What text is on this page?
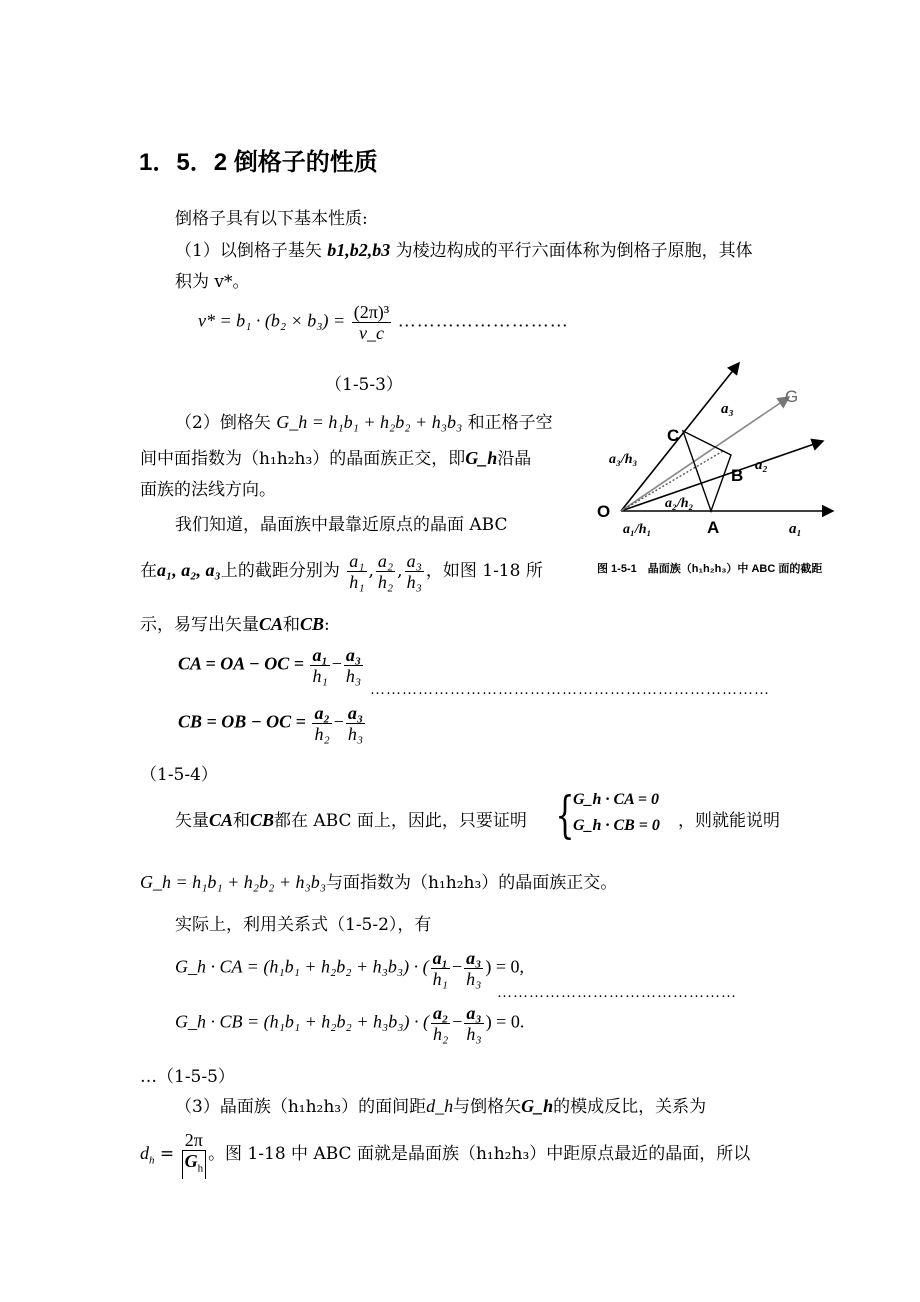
1．5．2 倒格子的性质
倒格子具有以下基本性质:
（1）以倒格子基矢 b1,b2,b3 为棱边构成的平行六面体称为倒格子原胞，其体
积为 v*。
$v* = b_1 \cdot (b_2 \times b_3) = \frac{\text{(2π)³}}{v\_c}$ ………………………
（1-5-3）
（2）倒格矢 G_h = h₁b₁ + h₂b₂ + h₃b₃ 和正格子空
间中面指数为（h₁h₂h₃）的晶面族正交，即G_h沿晶
面族的法线方向。
我们知道，晶面族中最靠近原点的晶面 ABC
在a₁, a₂, a₃上的截距分别为 $\frac{\text{a₁}}{\text{h₁}}$ , $\frac{\text{a₂}}{\text{h₂}}$ , $\frac{\text{a₃}}{\text{h₃}}$ ，如图 1-18 所
示，易写出矢量CA和CB:
CA = OA − OC = $\frac{\text{a₁}}{\text{h₁}} - \frac{\text{a₃}}{\text{h₃}}$
CB = OB − OC = $\frac{\text{a₂}}{\text{h₂}} - \frac{\text{a₃}}{\text{h₃}}$
…………………………………………………………………
（1-5-4）
矢量CA和CB都在 ABC 面上，因此，只要证明 {
G_h · CA = 0
G_h · CB = 0 ，则就能说明
G_h = h₁b₁ + h₂b₂ + h₃b₃与面指数为（h₁h₂h₃）的晶面族正交。
实际上，利用关系式（1-5-2），有
G_h · CA = (h₁b₁ + h₂b₂ + h₃b₃) · ( $\frac{\text{a₁}}{\text{h₁}} - \frac{\text{a₃}}{\text{h₃}}$ ) = 0,
G_h · CB = (h₁b₁ + h₂b₂ + h₃b₃) · ( $\frac{\text{a₂}}{\text{h₂}} - \frac{\text{a₃}}{\text{h₃}}$ ) = 0.
………………………………………
…（1-5-5）
（3）晶面族（h₁h₂h₃）的面间距d_h与倒格矢G_h的模成反比，关系为
$d_h = \frac{2\pi}{G_h}$ 。图 1-18 中 ABC 面就是晶面族（h₁h₂h₃）中距原点最近的晶面，所以
O
A
B
C
G
a₁
a₂
a₃
a₁/h₁
a₂/h₂
a₃/h₃
图 1-5-1　晶面族（h₁h₂h₃）中 ABC 面的截距
